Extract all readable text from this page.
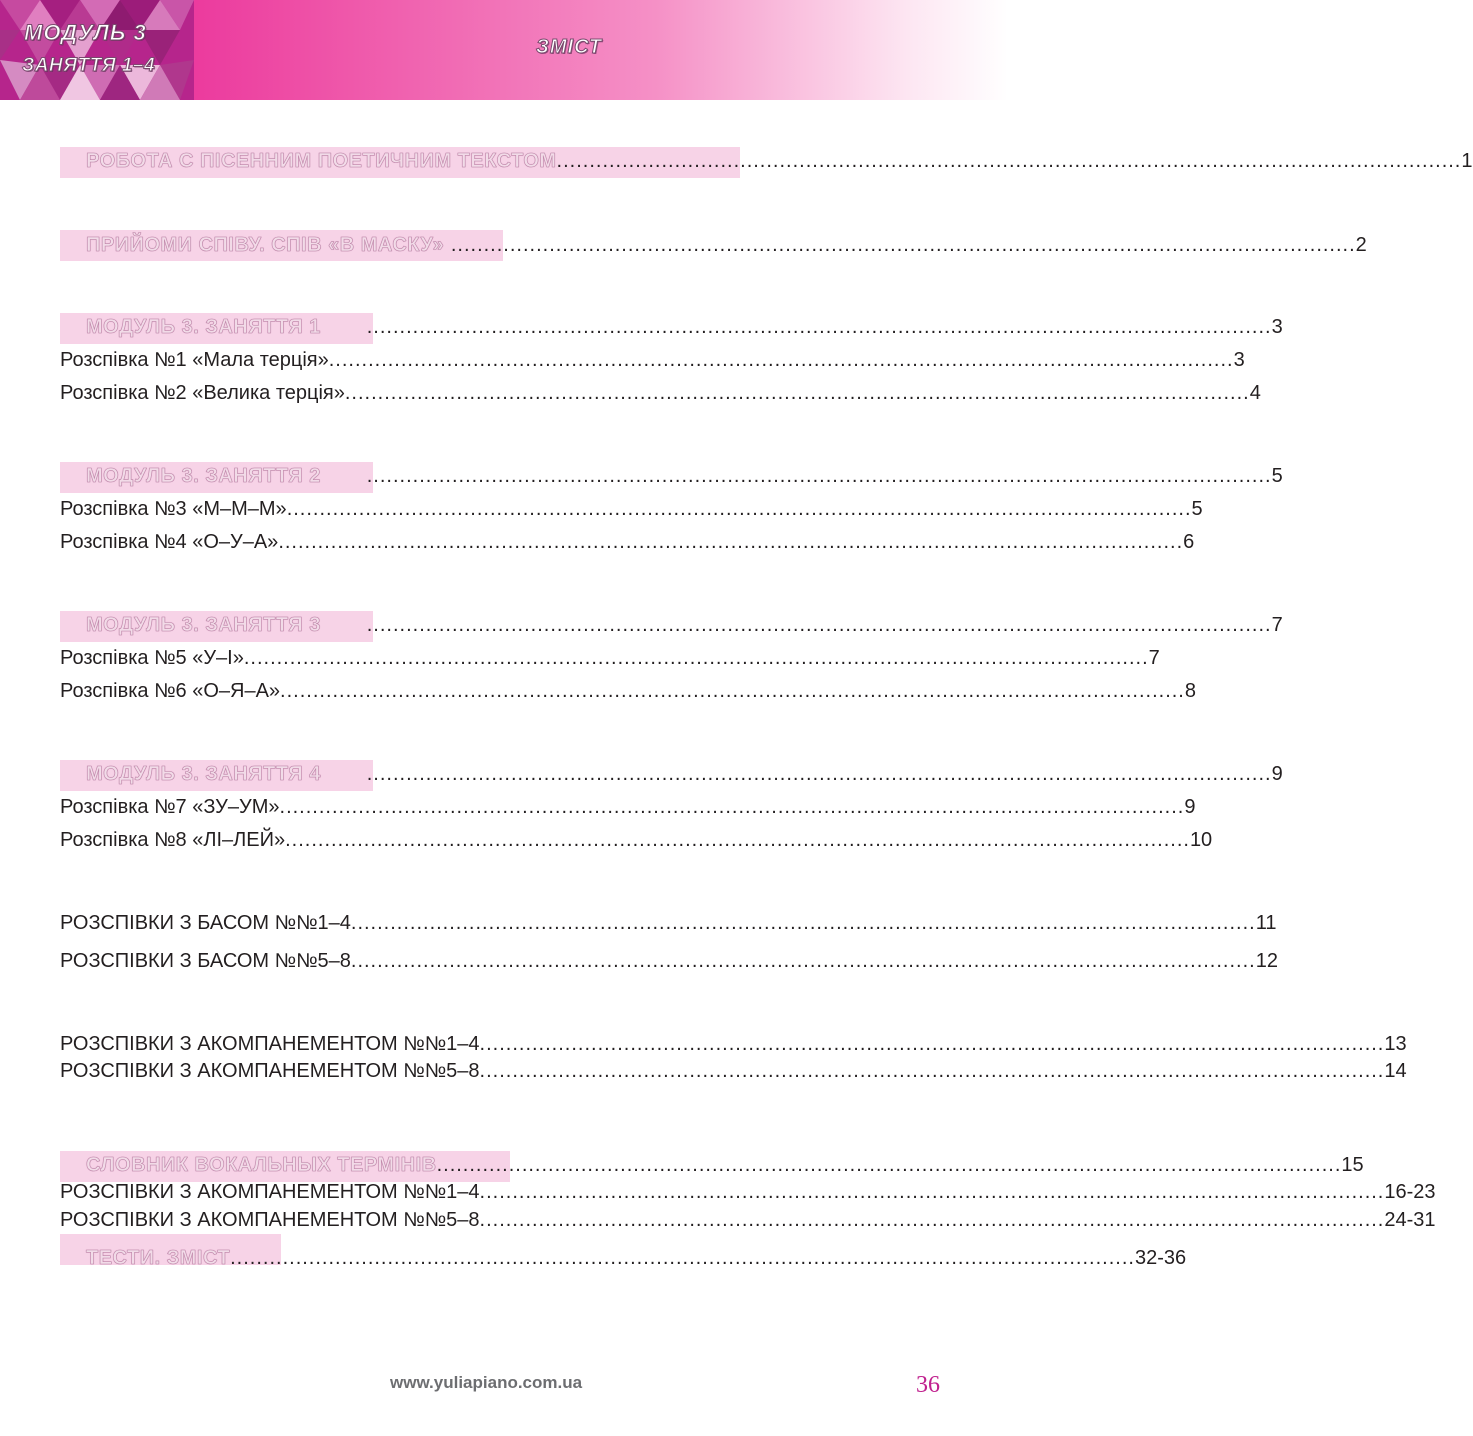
МОДУЛЬ 3
ЗАНЯТТЯ 1–4
ЗМІСТ
РОБОТА С ПІСЕННИМ ПОЕТИЧНИМ ТЕКСТОМ .......................................................................................................................................... 1
ПРИЙОМИ СПІВУ. СПІВ «В МАСКУ» .......................................................................................................................................... 2
МОДУЛЬ 3. ЗАНЯТТЯ 1 .......................................................................................................................................... 3
Розспівка №1 «Мала терція» .......................................................................................................................................... 3
Розспівка №2 «Велика терція» .......................................................................................................................................... 4
МОДУЛЬ 3. ЗАНЯТТЯ 2 .......................................................................................................................................... 5
Розспівка №3 «М–М–М» .......................................................................................................................................... 5
Розспівка №4 «О–У–А» .......................................................................................................................................... 6
МОДУЛЬ 3. ЗАНЯТТЯ 3 .......................................................................................................................................... 7
Розспівка №5 «У–І» .......................................................................................................................................... 7
Розспівка №6 «О–Я–А» .......................................................................................................................................... 8
МОДУЛЬ 3. ЗАНЯТТЯ 4 .......................................................................................................................................... 9
Розспівка №7 «ЗУ–УМ» .......................................................................................................................................... 9
Розспівка №8 «ЛІ–ЛЕЙ» .......................................................................................................................................... 10
РОЗСПІВКИ З БАСОМ №№1–4 .......................................................................................................................................... 11
РОЗСПІВКИ З БАСОМ №№5–8 .......................................................................................................................................... 12
РОЗСПІВКИ З АКОМПАНЕМЕНТОМ №№1–4 .......................................................................................................................................... 13
РОЗСПІВКИ З АКОМПАНЕМЕНТОМ №№5–8 .......................................................................................................................................... 14
СЛОВНИК ВОКАЛЬНЫХ ТЕРМІНІВ .......................................................................................................................................... 15
РОЗСПІВКИ З АКОМПАНЕМЕНТОМ №№1–4 .......................................................................................................................................... 16-23
РОЗСПІВКИ З АКОМПАНЕМЕНТОМ №№5–8 .......................................................................................................................................... 24-31
ТЕСТИ. ЗМІСТ .......................................................................................................................................... 32-36
www.yuliapiano.com.ua	36
